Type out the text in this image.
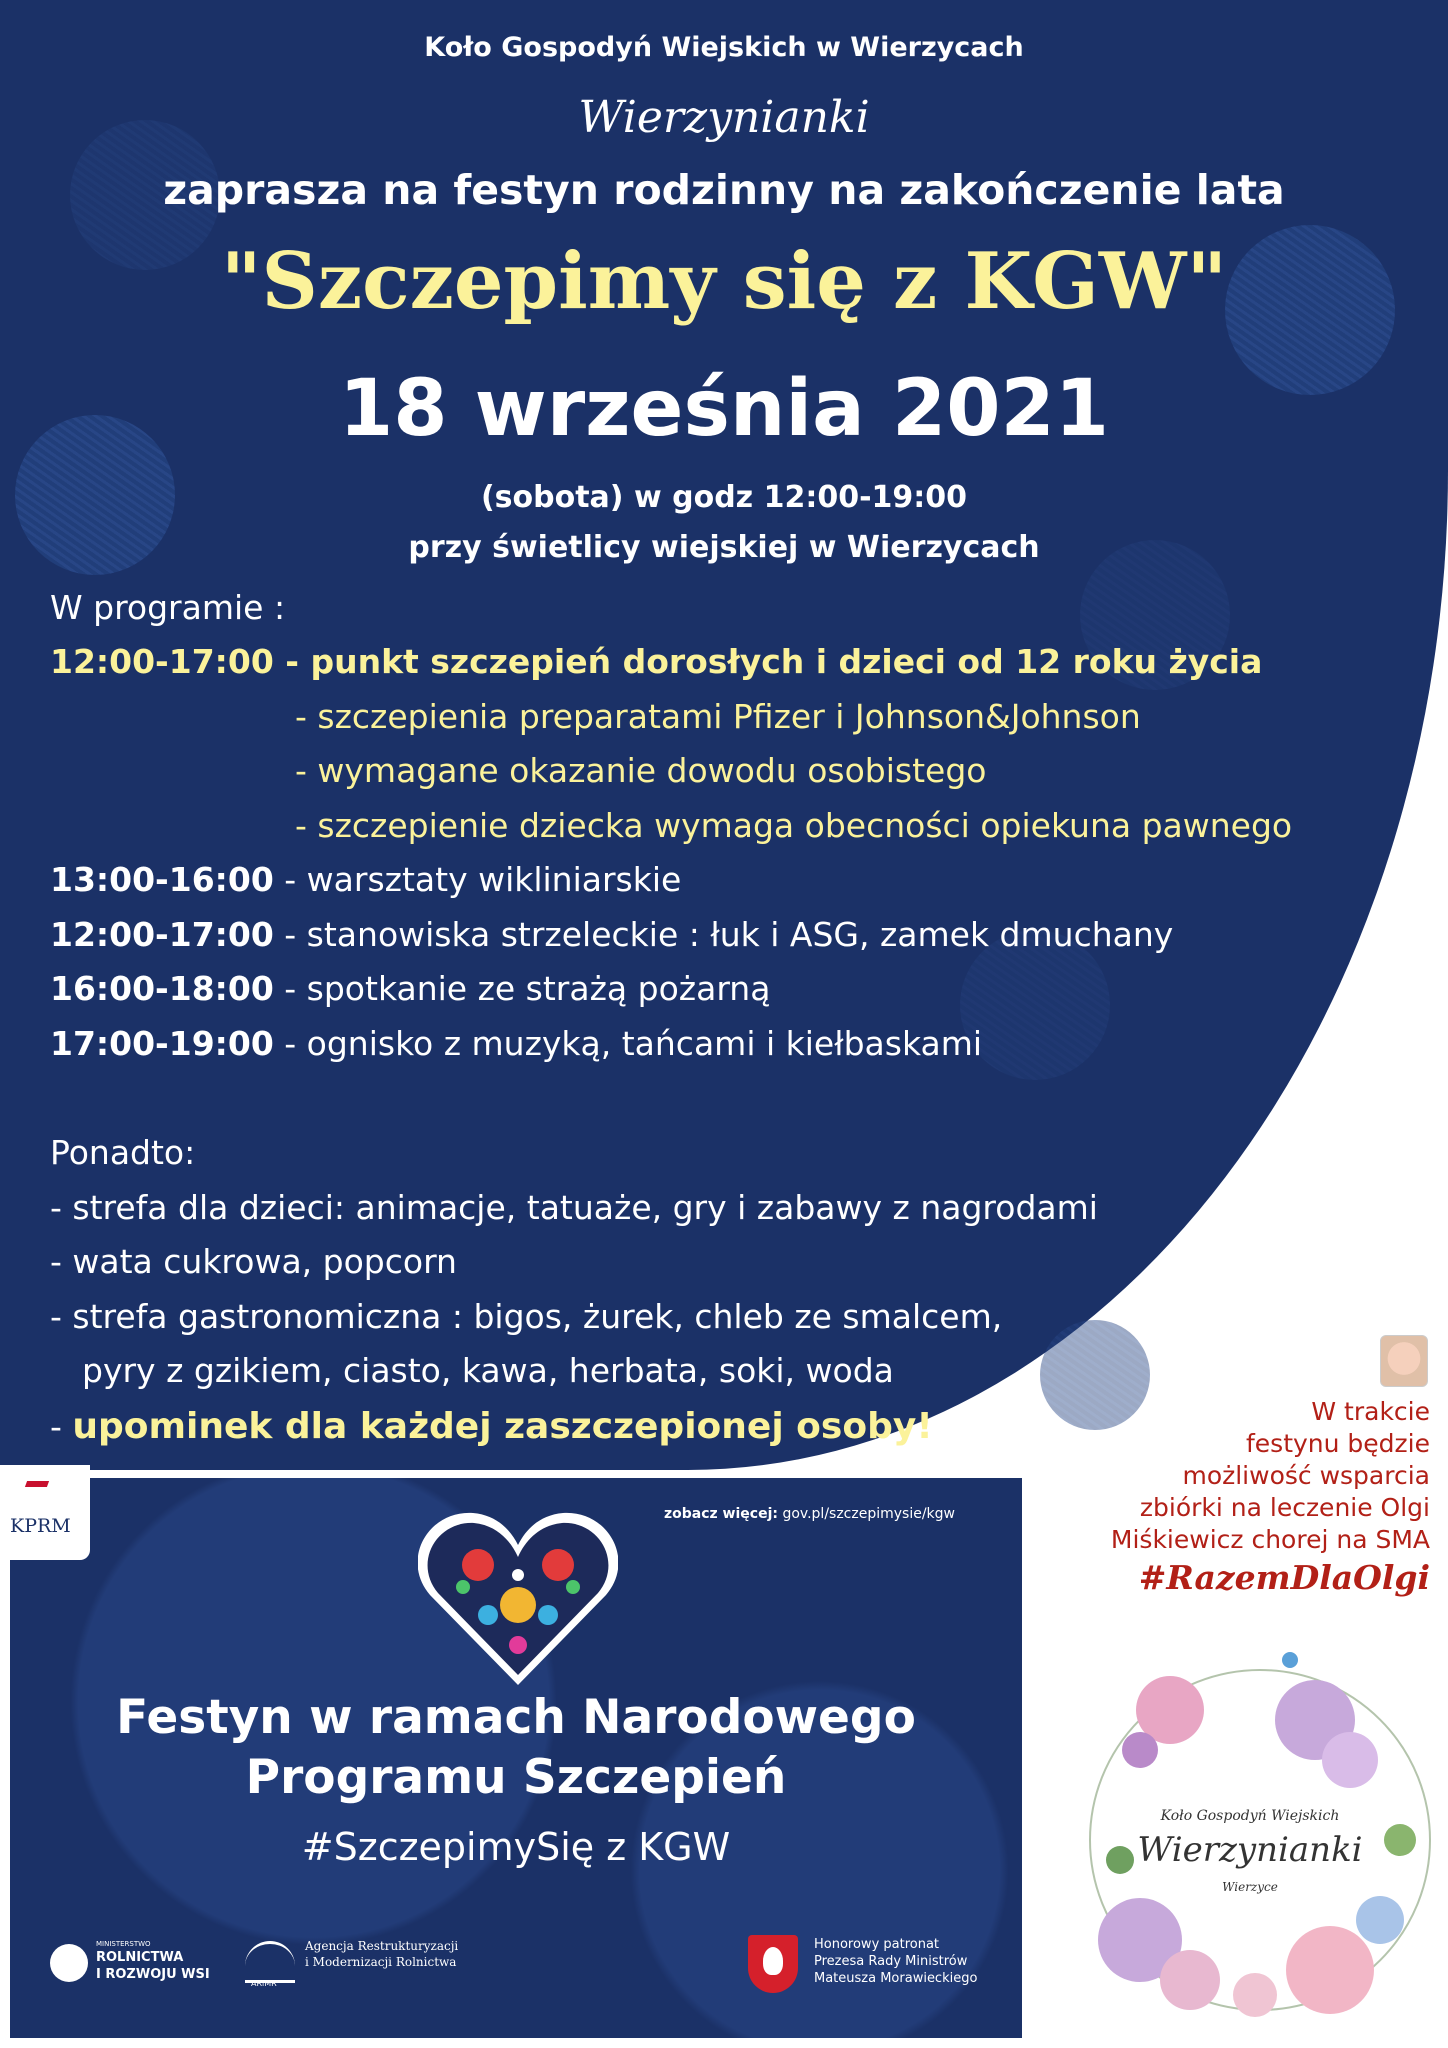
Koło Gospodyń Wiejskich w Wierzycach
Wierzynianki
zaprasza na festyn rodzinny na zakończenie lata
"Szczepimy się z KGW"
18 września 2021
(sobota) w godz 12:00-19:00
przy świetlicy wiejskiej w Wierzycach
W programie :
12:00-17:00 - punkt szczepień dorosłych i dzieci od 12 roku życia
- szczepienia preparatami Pfizer i Johnson&Johnson
- wymagane okazanie dowodu osobistego
- szczepienie dziecka wymaga obecności opiekuna pawnego
13:00-16:00 - warsztaty wikliniarskie
12:00-17:00 - stanowiska strzeleckie : łuk i ASG, zamek dmuchany
16:00-18:00 - spotkanie ze strażą pożarną
17:00-19:00 - ognisko z muzyką, tańcami i kiełbaskami
Ponadto:
- strefa dla dzieci: animacje, tatuaże, gry i zabawy z nagrodami
- wata cukrowa, popcorn
- strefa gastronomiczna : bigos, żurek, chleb ze smalcem,
pyry z gzikiem, ciasto, kawa, herbata, soki, woda
- upominek dla każdej zaszczepionej osoby!	W trakcie
festynu będzie
możliwość wsparcia
zbiórki na leczenie Olgi
Miśkiewicz chorej na SMA
#RazemDlaOlgi
KPRM
zobacz więcej: gov.pl/szczepimysie/kgw
Festyn w ramach Narodowego
Programu Szczepień
#SzczepimySię z KGW
MINISTERSTWO
ROLNICTWA
I ROZWOJU WSI
ARiMR
Agencja Restrukturyzacji
i Modernizacji Rolnictwa
Honorowy patronat
Prezesa Rady Ministrów
Mateusza Morawieckiego
Koło Gospodyń Wiejskich
Wierzynianki
Wierzyce
